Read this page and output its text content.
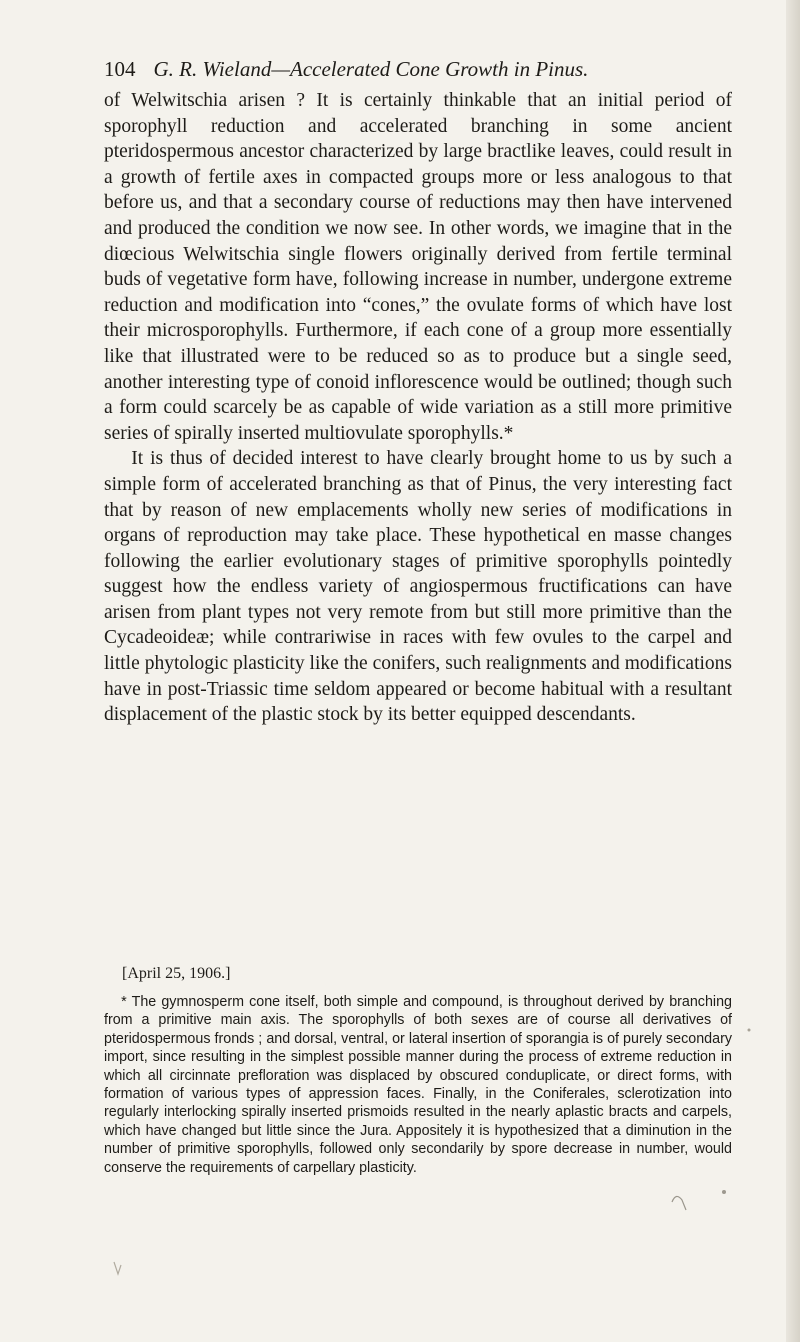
104 G. R. Wieland—Accelerated Cone Growth in Pinus.

of Welwitschia arisen ? It is certainly thinkable that an initial period of sporophyll reduction and accelerated branching in some ancient pteridospermous ancestor characterized by large bractlike leaves, could result in a growth of fertile axes in compacted groups more or less analogous to that before us, and that a secondary course of reductions may then have intervened and produced the condition we now see. In other words, we imagine that in the diœcious Welwitschia single flowers originally derived from fertile terminal buds of vegetative form have, following increase in number, undergone extreme reduction and modification into “cones,” the ovulate forms of which have lost their microsporophylls. Furthermore, if each cone of a group more essentially like that illustrated were to be reduced so as to produce but a single seed, another interesting type of conoid inflorescence would be outlined; though such a form could scarcely be as capable of wide variation as a still more primitive series of spirally inserted multiovulate sporophylls.*

It is thus of decided interest to have clearly brought home to us by such a simple form of accelerated branching as that of Pinus, the very interesting fact that by reason of new emplacements wholly new series of modifications in organs of reproduction may take place. These hypothetical en masse changes following the earlier evolutionary stages of primitive sporophylls pointedly suggest how the endless variety of angiospermous fructifications can have arisen from plant types not very remote from but still more primitive than the Cycadeoideæ; while contrariwise in races with few ovules to the carpel and little phytologic plasticity like the conifers, such realignments and modifications have in post-Triassic time seldom appeared or become habitual with a resultant displacement of the plastic stock by its better equipped descendants.

[April 25, 1906.]

* The gymnosperm cone itself, both simple and compound, is throughout derived by branching from a primitive main axis. The sporophylls of both sexes are of course all derivatives of pteridospermous fronds ; and dorsal, ventral, or lateral insertion of sporangia is of purely secondary import, since resulting in the simplest possible manner during the process of extreme reduction in which all circinnate prefloration was displaced by obscured conduplicate, or direct forms, with formation of various types of appression faces. Finally, in the Coniferales, sclerotization into regularly interlocking spirally inserted prismoids resulted in the nearly aplastic bracts and carpels, which have changed but little since the Jura. Appositely it is hypothesized that a diminution in the number of primitive sporophylls, followed only secondarily by spore decrease in number, would conserve the requirements of carpellary plasticity.
